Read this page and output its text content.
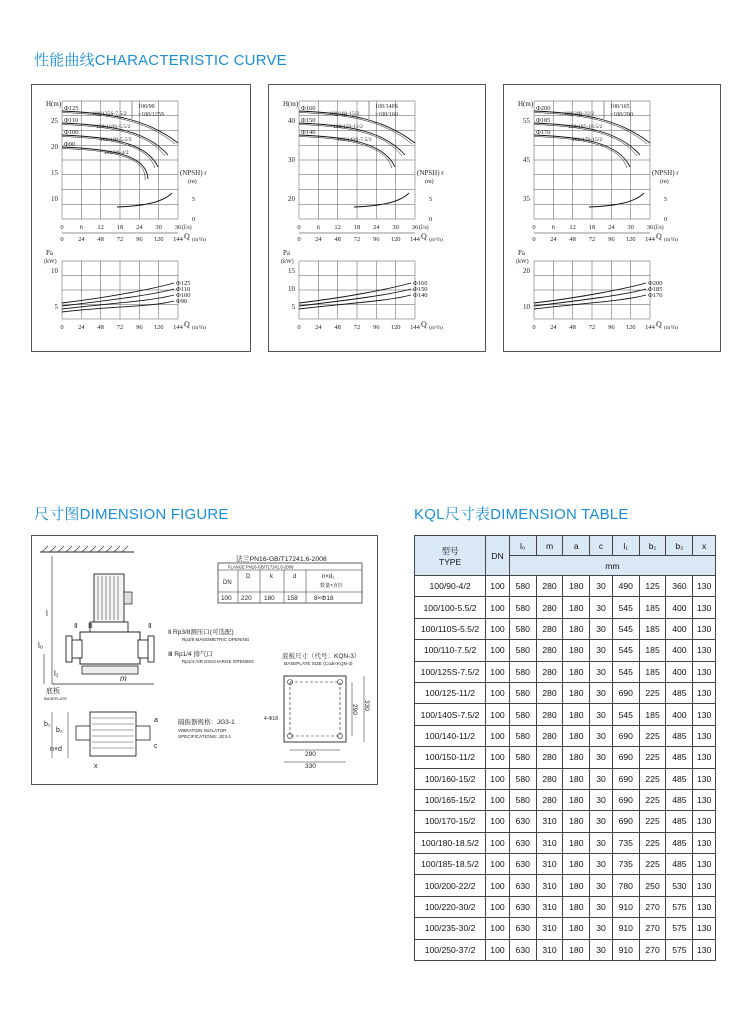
性能曲线CHARACTERISTIC CURVE
尺寸图DIMENSION FIGURE	KQL尺寸表DIMENSION TABLE
H(m)
25
20
15
10
Φ125
100/125S-7.5/2
Φ110
100/110S-5.5/2
Φ100
100/100-5.5/2
Φ90
100/90-4/2
100/90
~100/125S
(NPSH) r
(m)
5
0
0 6 12 18 24 30 36 (l/s)
0 24 48 72 96 120 144 Q (m³/h)
Pa
(kW)
10
5
Φ125
Φ110
Φ100
Φ90
0 24 48 72 96 120 144 Q (m³/h)
H(m)
40
30
20
Φ160
100/160-15/2
Φ150
100/150-11/2
Φ140
100/140S-7.5/2
100/140S
~100/160
(NPSH) r
(m)
5
0
0 6 12 18 24 30 36 (l/s)
0 24 48 72 96 120 144 Q (m³/h)
Pa
(kW)
15
10
5
Φ160
Φ150
Φ140
0 24 48 72 96 120 144 Q (m³/h)
H(m)
55
45
35
Φ200
100/200-22/2
Φ185
100/185-18.5/2
Φ170
100/170-15/2
100/165
~100/200
(NPSH) r
(m)
5
0
0 6 12 18 24 30 36 (l/s)
0 24 48 72 96 120 144 Q (m³/h)
Pa
(kW)
20
10
Φ200
Φ185
Φ170
0 24 48 72 96 120 144 Q (m³/h)
l
l₀
l₁
Ⅱ Ⅲ	Ⅱ
m
底板
BASEPLATE
b₁
b₂
n×d
a
c
x
法兰PN16-GB/T17241.6-2008
FLANGE PN16-GB/T17241.6-2008
DN
D	k	d	n×d₁
数量×直径
100 220 180 158	8×Φ18
Ⅱ Rp3/8测压口(可选配)
Rp3/8 MANOMETRIC OPENING
Ⅲ Rp1/4 排气口
Rp1/4 AIR DISCHARGE OPENING
底板尺寸（代号：KQN-3）
BASEPLATE SIZE (Code:KQN-3)
隔振器规格：JG3-1
VIBRATION ISOLATOR
SPECIFICATIONS: JG3-1
4-Φ18
290 330
290
330
型号
TYPE	DN	l₀	m	a	c	l₁	b₁	b₂	x
		mm							
100/90-4/2	100	580	280	180	30	490	125	360	130
100/100-5.5/2	100	580	280	180	30	545	185	400	130
100/110S-5.5/2	100	580	280	180	30	545	185	400	130
100/110-7.5/2	100	580	280	180	30	545	185	400	130
100/125S-7.5/2	100	580	280	180	30	545	185	400	130
100/125-11/2	100	580	280	180	30	690	225	485	130
100/140S-7.5/2	100	580	280	180	30	545	185	400	130
100/140-11/2	100	580	280	180	30	690	225	485	130
100/150-11/2	100	580	280	180	30	690	225	485	130
100/160-15/2	100	580	280	180	30	690	225	485	130
100/165-15/2	100	580	280	180	30	690	225	485	130
100/170-15/2	100	630	310	180	30	690	225	485	130
100/180-18.5/2	100	630	310	180	30	735	225	485	130
100/185-18.5/2	100	630	310	180	30	735	225	485	130
100/200-22/2	100	630	310	180	30	780	250	530	130
100/220-30/2	100	630	310	180	30	910	270	575	130
100/235-30/2	100	630	310	180	30	910	270	575	130
100/250-37/2	100	630	310	180	30	910	270	575	130
